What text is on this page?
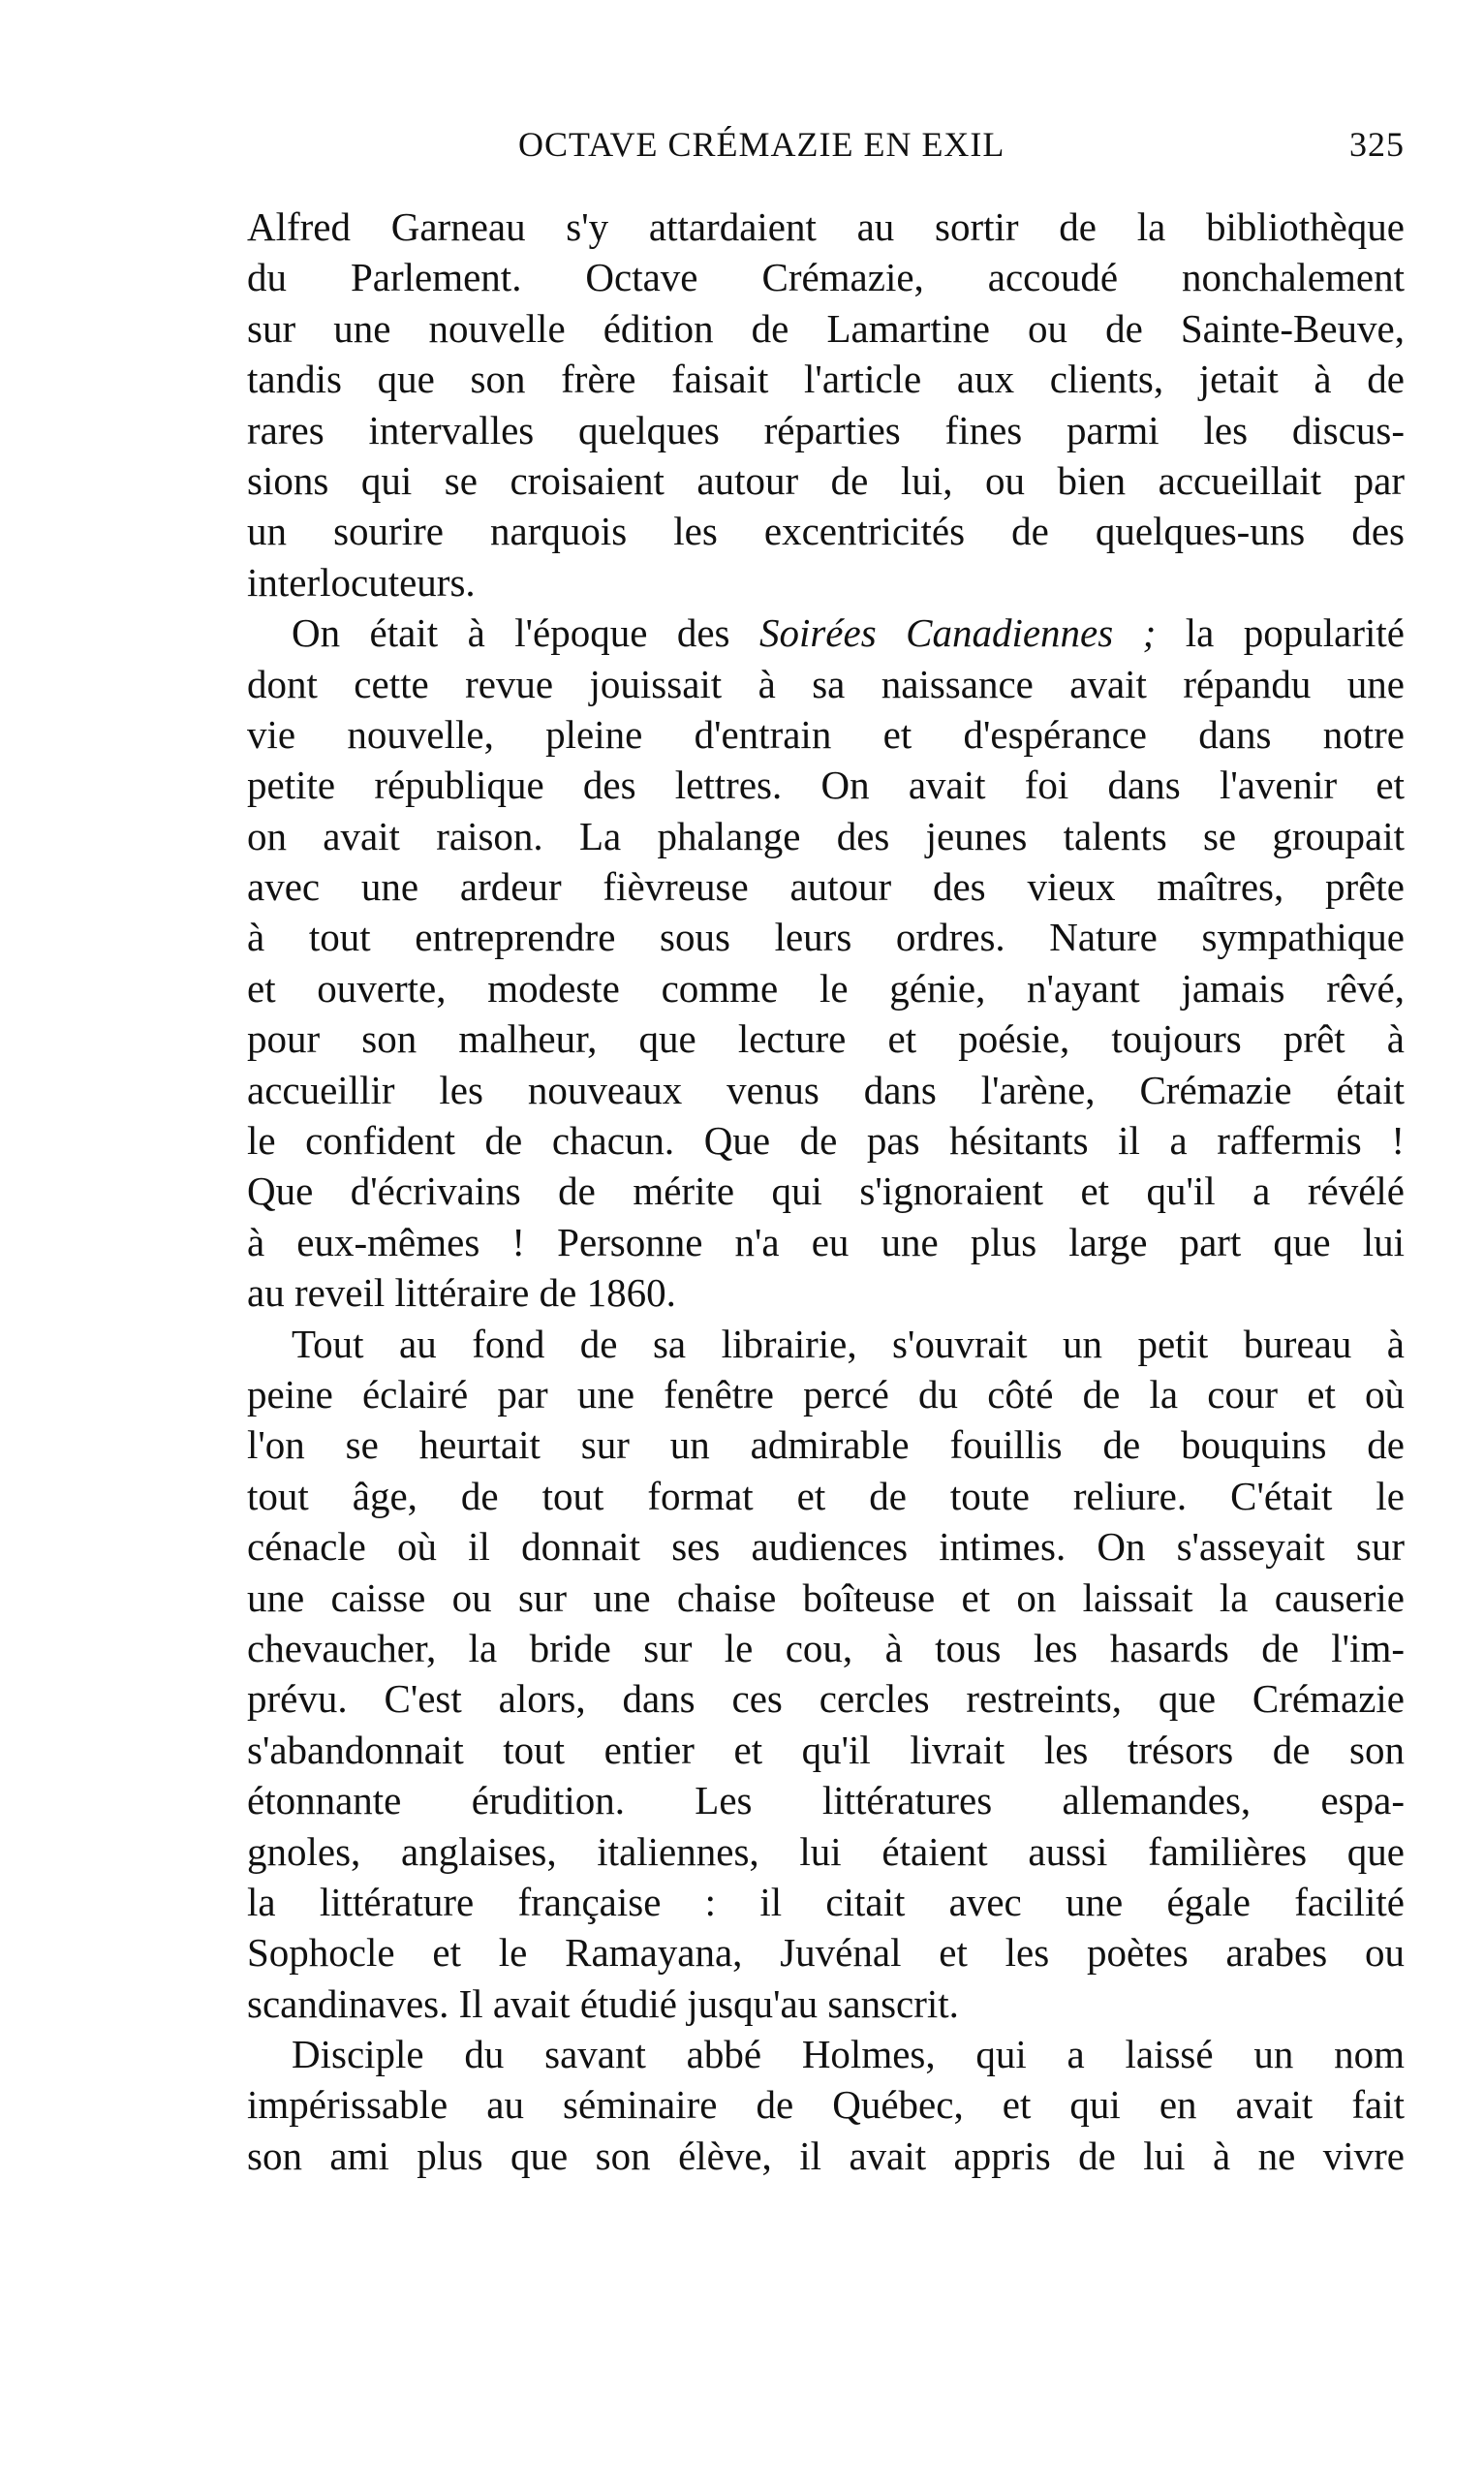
OCTAVE CRÉMAZIE EN EXIL	325

Alfred Garneau s'y attardaient au sortir de la bibliothèque
du Parlement. Octave Crémazie, accoudé nonchalement
sur une nouvelle édition de Lamartine ou de Sainte-Beuve,
tandis que son frère faisait l'article aux clients, jetait à de
rares intervalles quelques réparties fines parmi les discus-
sions qui se croisaient autour de lui, ou bien accueillait par
un sourire narquois les excentricités de quelques-uns des
interlocuteurs.

On était à l'époque des Soirées Canadiennes ; la popularité
dont cette revue jouissait à sa naissance avait répandu une
vie nouvelle, pleine d'entrain et d'espérance dans notre
petite république des lettres. On avait foi dans l'avenir et
on avait raison. La phalange des jeunes talents se groupait
avec une ardeur fièvreuse autour des vieux maîtres, prête
à tout entreprendre sous leurs ordres. Nature sympathique
et ouverte, modeste comme le génie, n'ayant jamais rêvé,
pour son malheur, que lecture et poésie, toujours prêt à
accueillir les nouveaux venus dans l'arène, Crémazie était
le confident de chacun. Que de pas hésitants il a raffermis !
Que d'écrivains de mérite qui s'ignoraient et qu'il a révélé
à eux-mêmes ! Personne n'a eu une plus large part que lui
au reveil littéraire de 1860.

Tout au fond de sa librairie, s'ouvrait un petit bureau à
peine éclairé par une fenêtre percé du côté de la cour et où
l'on se heurtait sur un admirable fouillis de bouquins de
tout âge, de tout format et de toute reliure. C'était le
cénacle où il donnait ses audiences intimes. On s'asseyait sur
une caisse ou sur une chaise boîteuse et on laissait la causerie
chevaucher, la bride sur le cou, à tous les hasards de l'im-
prévu. C'est alors, dans ces cercles restreints, que Crémazie
s'abandonnait tout entier et qu'il livrait les trésors de son
étonnante érudition. Les littératures allemandes, espa-
gnoles, anglaises, italiennes, lui étaient aussi familières que
la littérature française : il citait avec une égale facilité
Sophocle et le Ramayana, Juvénal et les poètes arabes ou
scandinaves. Il avait étudié jusqu'au sanscrit.

Disciple du savant abbé Holmes, qui a laissé un nom
impérissable au séminaire de Québec, et qui en avait fait
son ami plus que son élève, il avait appris de lui à ne vivre
